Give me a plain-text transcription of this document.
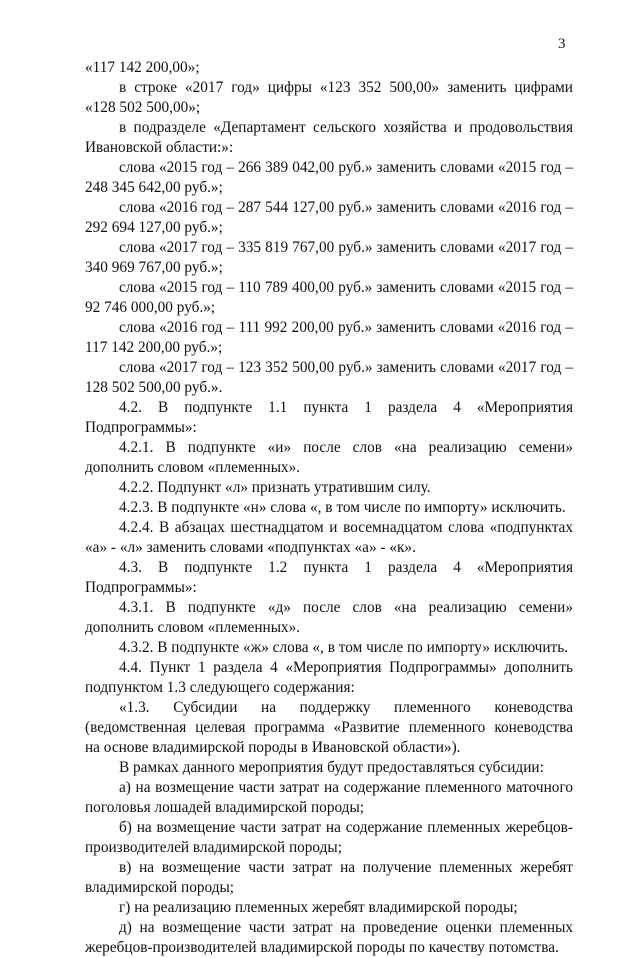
3
«117 142 200,00»;
в строке «2017 год» цифры «123 352 500,00» заменить цифрами
«128 502 500,00»;
в подразделе «Департамент сельского хозяйства и продовольствия
Ивановской области:»:
слова «2015 год – 266 389 042,00 руб.» заменить словами «2015 год –
248 345 642,00 руб.»;
слова «2016 год – 287 544 127,00 руб.» заменить словами «2016 год –
292 694 127,00 руб.»;
слова «2017 год – 335 819 767,00 руб.» заменить словами «2017 год –
340 969 767,00 руб.»;
слова «2015 год – 110 789 400,00 руб.» заменить словами «2015 год –
92 746 000,00 руб.»;
слова «2016 год – 111 992 200,00 руб.» заменить словами «2016 год –
117 142 200,00 руб.»;
слова «2017 год – 123 352 500,00 руб.» заменить словами «2017 год –
128 502 500,00 руб.».
4.2. В подпункте 1.1 пункта 1 раздела 4 «Мероприятия
Подпрограммы»:
4.2.1. В подпункте «и» после слов «на реализацию семени»
дополнить словом «племенных».
4.2.2. Подпункт «л» признать утратившим силу.
4.2.3. В подпункте «н» слова «, в том числе по импорту» исключить.
4.2.4. В абзацах шестнадцатом и восемнадцатом слова «подпунктах
«а» - «л» заменить словами «подпунктах «а» - «к».
4.3. В подпункте 1.2 пункта 1 раздела 4 «Мероприятия
Подпрограммы»:
4.3.1. В подпункте «д» после слов «на реализацию семени»
дополнить словом «племенных».
4.3.2. В подпункте «ж» слова «, в том числе по импорту» исключить.
4.4. Пункт 1 раздела 4 «Мероприятия Подпрограммы» дополнить
подпунктом 1.3 следующего содержания:
«1.3. Субсидии на поддержку племенного коневодства
(ведомственная целевая программа «Развитие племенного коневодства
на основе владимирской породы в Ивановской области»).
В рамках данного мероприятия будут предоставляться субсидии:
а) на возмещение части затрат на содержание племенного маточного
поголовья лошадей владимирской породы;
б) на возмещение части затрат на содержание племенных жеребцов-
производителей владимирской породы;
в) на возмещение части затрат на получение племенных жеребят
владимирской породы;
г) на реализацию племенных жеребят владимирской породы;
д) на возмещение части затрат на проведение оценки племенных
жеребцов-производителей владимирской породы по качеству потомства.
